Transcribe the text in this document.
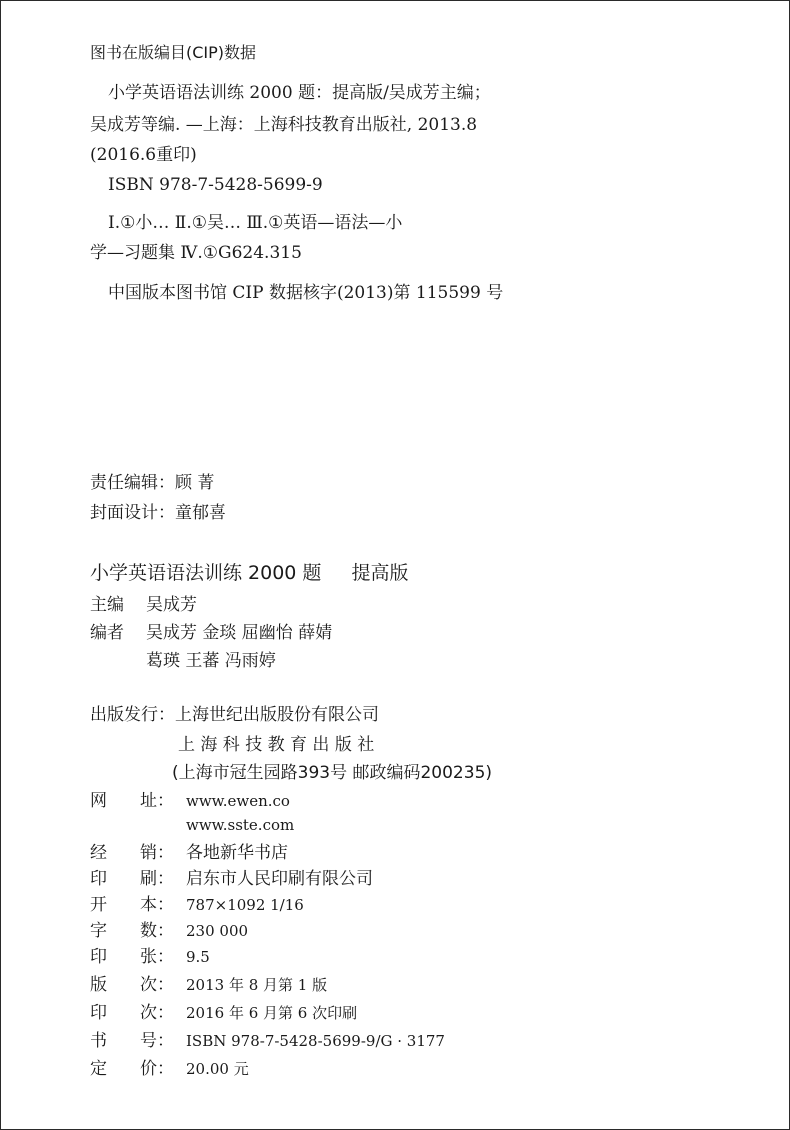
图书在版编目(CIP)数据
小学英语语法训练 2000 题：提高版/吴成芳主编；
吴成芳等编. —上海：上海科技教育出版社, 2013.8
(2016.6重印)
ISBN 978-7-5428-5699-9
Ⅰ.①小… Ⅱ.①吴… Ⅲ.①英语—语法—小
学—习题集 Ⅳ.①G624.315
中国版本图书馆 CIP 数据核字(2013)第 115599 号
责任编辑：顾 菁
封面设计：童郁喜
小学英语语法训练 2000 题 提高版
主编 吴成芳
编者 吴成芳 金琰 屈幽怡 薛婧
葛瑛 王蕃 冯雨婷
出版发行：上海世纪出版股份有限公司
上 海 科 技 教 育 出 版 社
(上海市冠生园路393号 邮政编码200235)
网 址： www.ewen.co
www.sste.com
经 销： 各地新华书店
印 刷： 启东市人民印刷有限公司
开 本： 787×1092 1/16
字 数： 230 000
印 张： 9.5
版 次： 2013 年 8 月第 1 版
印 次： 2016 年 6 月第 6 次印刷
书 号： ISBN 978-7-5428-5699-9/G · 3177
定 价： 20.00 元
